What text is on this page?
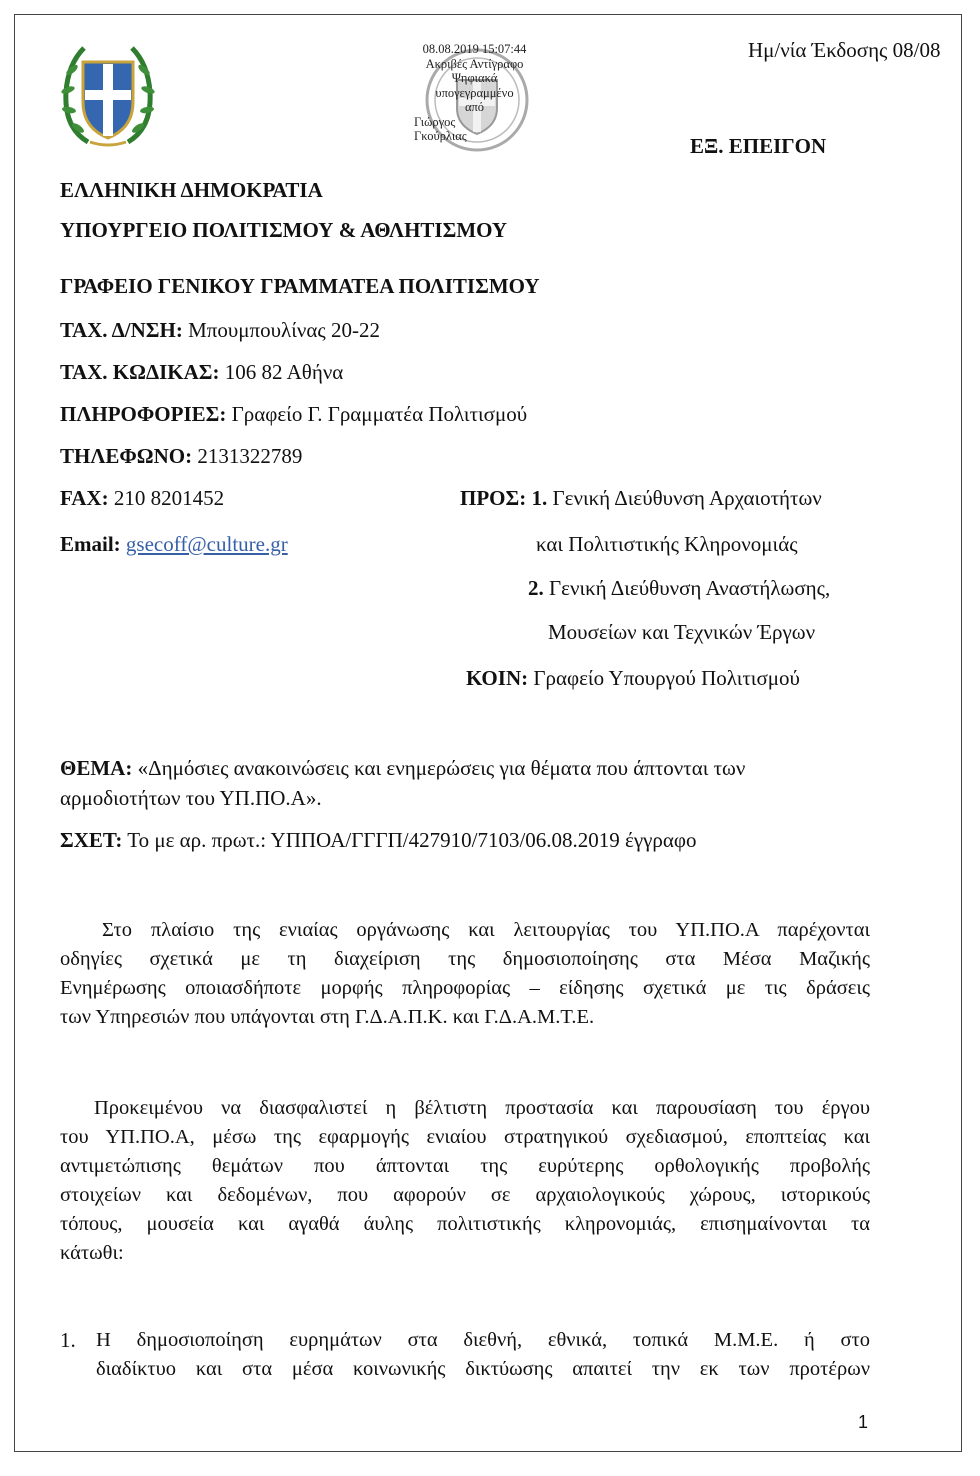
08.08.2019 15:07:44
Ακριβές Αντίγραφο
Ψηφιακά
υπογεγραμμένο
από
Γιώργος
Γκούρλιας
Ημ/νία Έκδοσης 08/08
ΕΞ. ΕΠΕΙΓΟΝ
ΕΛΛΗΝΙΚΗ ΔΗΜΟΚΡΑΤΙΑ
ΥΠΟΥΡΓΕΙΟ ΠΟΛΙΤΙΣΜΟΥ & ΑΘΛΗΤΙΣΜΟΥ
ΓΡΑΦΕΙΟ ΓΕΝΙΚΟΥ ΓΡΑΜΜΑΤΕΑ ΠΟΛΙΤΙΣΜΟΥ
ΤΑΧ. Δ/ΝΣΗ: Μπουμπουλίνας 20-22
ΤΑΧ. ΚΩΔΙΚΑΣ: 106 82 Αθήνα
ΠΛΗΡΟΦΟΡΙΕΣ: Γραφείο Γ. Γραμματέα Πολιτισμού
ΤΗΛΕΦΩΝΟ: 2131322789
FAX: 210 8201452
Email: gsecoff@culture.gr
ΠΡΟΣ: 1. Γενική Διεύθυνση Αρχαιοτήτων
και Πολιτιστικής Κληρονομιάς
2. Γενική Διεύθυνση Αναστήλωσης,
Μουσείων και Τεχνικών Έργων
ΚΟΙΝ: Γραφείο Υπουργού Πολιτισμού
ΘΕΜΑ: «Δημόσιες ανακοινώσεις και ενημερώσεις για θέματα που άπτονται των
αρμοδιοτήτων του ΥΠ.ΠΟ.Α».
ΣΧΕΤ: Το με αρ. πρωτ.: ΥΠΠΟΑ/ΓΓΓΠ/427910/7103/06.08.2019 έγγραφο
Στο πλαίσιο της ενιαίας οργάνωσης και λειτουργίας του ΥΠ.ΠΟ.Α παρέχονται
οδηγίες σχετικά με τη διαχείριση της δημοσιοποίησης στα Μέσα Μαζικής
Ενημέρωσης οποιασδήποτε μορφής πληροφορίας – είδησης σχετικά με τις δράσεις
των Υπηρεσιών που υπάγονται στη Γ.Δ.Α.Π.Κ. και Γ.Δ.Α.Μ.Τ.Ε.
Προκειμένου να διασφαλιστεί η βέλτιστη προστασία και παρουσίαση του έργου
του ΥΠ.ΠΟ.Α, μέσω της εφαρμογής ενιαίου στρατηγικού σχεδιασμού, εποπτείας και
αντιμετώπισης θεμάτων που άπτονται της ευρύτερης ορθολογικής προβολής
στοιχείων και δεδομένων, που αφορούν σε αρχαιολογικούς χώρους, ιστορικούς
τόπους, μουσεία και αγαθά άυλης πολιτιστικής κληρονομιάς, επισημαίνονται τα
κάτωθι:
1. Η δημοσιοποίηση ευρημάτων στα διεθνή, εθνικά, τοπικά Μ.Μ.Ε. ή στο
διαδίκτυο και στα μέσα κοινωνικής δικτύωσης απαιτεί την εκ των προτέρων
1
